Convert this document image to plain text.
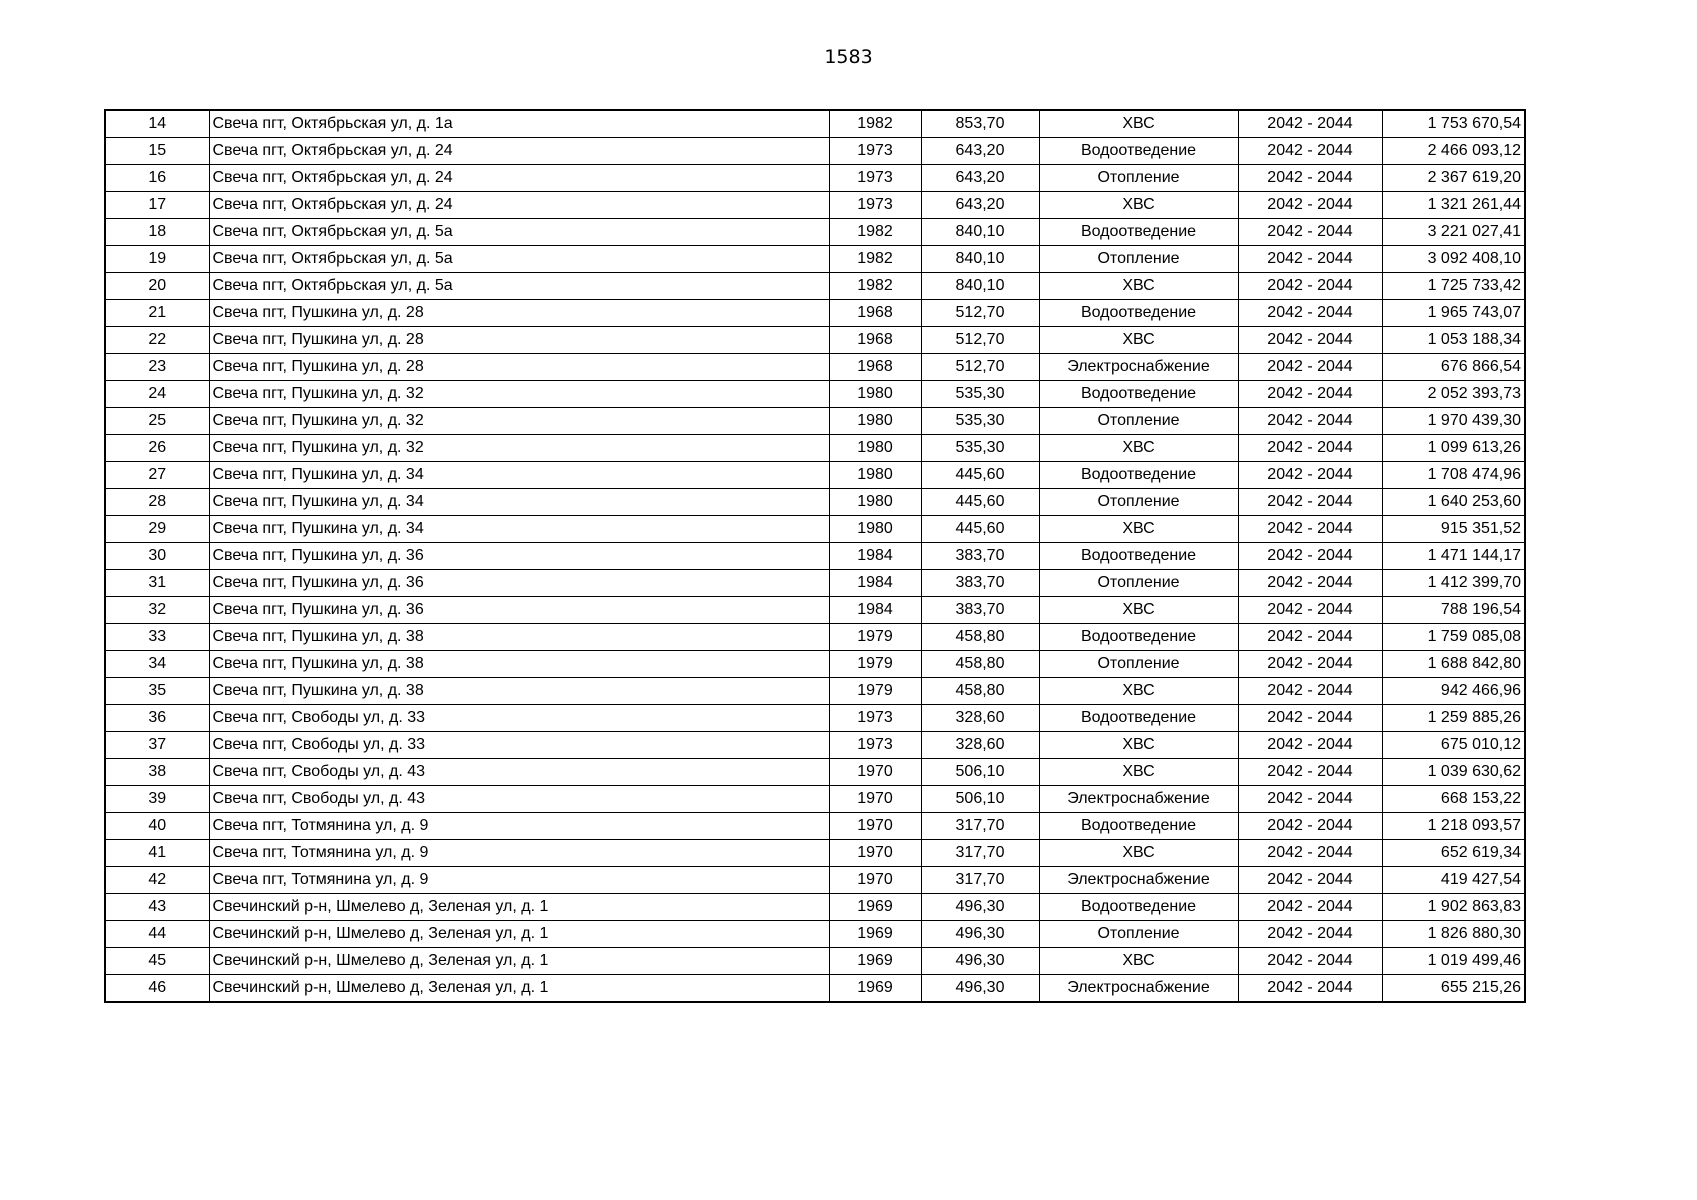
1583
14	Свеча пгт, Октябрьская ул, д. 1а	1982	853,70	ХВС	2042 - 2044	1 753 670,54
15	Свеча пгт, Октябрьская ул, д. 24	1973	643,20	Водоотведение	2042 - 2044	2 466 093,12
16	Свеча пгт, Октябрьская ул, д. 24	1973	643,20	Отопление	2042 - 2044	2 367 619,20
17	Свеча пгт, Октябрьская ул, д. 24	1973	643,20	ХВС	2042 - 2044	1 321 261,44
18	Свеча пгт, Октябрьская ул, д. 5а	1982	840,10	Водоотведение	2042 - 2044	3 221 027,41
19	Свеча пгт, Октябрьская ул, д. 5а	1982	840,10	Отопление	2042 - 2044	3 092 408,10
20	Свеча пгт, Октябрьская ул, д. 5а	1982	840,10	ХВС	2042 - 2044	1 725 733,42
21	Свеча пгт, Пушкина ул, д. 28	1968	512,70	Водоотведение	2042 - 2044	1 965 743,07
22	Свеча пгт, Пушкина ул, д. 28	1968	512,70	ХВС	2042 - 2044	1 053 188,34
23	Свеча пгт, Пушкина ул, д. 28	1968	512,70	Электроснабжение	2042 - 2044	676 866,54
24	Свеча пгт, Пушкина ул, д. 32	1980	535,30	Водоотведение	2042 - 2044	2 052 393,73
25	Свеча пгт, Пушкина ул, д. 32	1980	535,30	Отопление	2042 - 2044	1 970 439,30
26	Свеча пгт, Пушкина ул, д. 32	1980	535,30	ХВС	2042 - 2044	1 099 613,26
27	Свеча пгт, Пушкина ул, д. 34	1980	445,60	Водоотведение	2042 - 2044	1 708 474,96
28	Свеча пгт, Пушкина ул, д. 34	1980	445,60	Отопление	2042 - 2044	1 640 253,60
29	Свеча пгт, Пушкина ул, д. 34	1980	445,60	ХВС	2042 - 2044	915 351,52
30	Свеча пгт, Пушкина ул, д. 36	1984	383,70	Водоотведение	2042 - 2044	1 471 144,17
31	Свеча пгт, Пушкина ул, д. 36	1984	383,70	Отопление	2042 - 2044	1 412 399,70
32	Свеча пгт, Пушкина ул, д. 36	1984	383,70	ХВС	2042 - 2044	788 196,54
33	Свеча пгт, Пушкина ул, д. 38	1979	458,80	Водоотведение	2042 - 2044	1 759 085,08
34	Свеча пгт, Пушкина ул, д. 38	1979	458,80	Отопление	2042 - 2044	1 688 842,80
35	Свеча пгт, Пушкина ул, д. 38	1979	458,80	ХВС	2042 - 2044	942 466,96
36	Свеча пгт, Свободы ул, д. 33	1973	328,60	Водоотведение	2042 - 2044	1 259 885,26
37	Свеча пгт, Свободы ул, д. 33	1973	328,60	ХВС	2042 - 2044	675 010,12
38	Свеча пгт, Свободы ул, д. 43	1970	506,10	ХВС	2042 - 2044	1 039 630,62
39	Свеча пгт, Свободы ул, д. 43	1970	506,10	Электроснабжение	2042 - 2044	668 153,22
40	Свеча пгт, Тотмянина ул, д. 9	1970	317,70	Водоотведение	2042 - 2044	1 218 093,57
41	Свеча пгт, Тотмянина ул, д. 9	1970	317,70	ХВС	2042 - 2044	652 619,34
42	Свеча пгт, Тотмянина ул, д. 9	1970	317,70	Электроснабжение	2042 - 2044	419 427,54
43	Свечинский р-н, Шмелево д, Зеленая ул, д. 1	1969	496,30	Водоотведение	2042 - 2044	1 902 863,83
44	Свечинский р-н, Шмелево д, Зеленая ул, д. 1	1969	496,30	Отопление	2042 - 2044	1 826 880,30
45	Свечинский р-н, Шмелево д, Зеленая ул, д. 1	1969	496,30	ХВС	2042 - 2044	1 019 499,46
46	Свечинский р-н, Шмелево д, Зеленая ул, д. 1	1969	496,30	Электроснабжение	2042 - 2044	655 215,26
